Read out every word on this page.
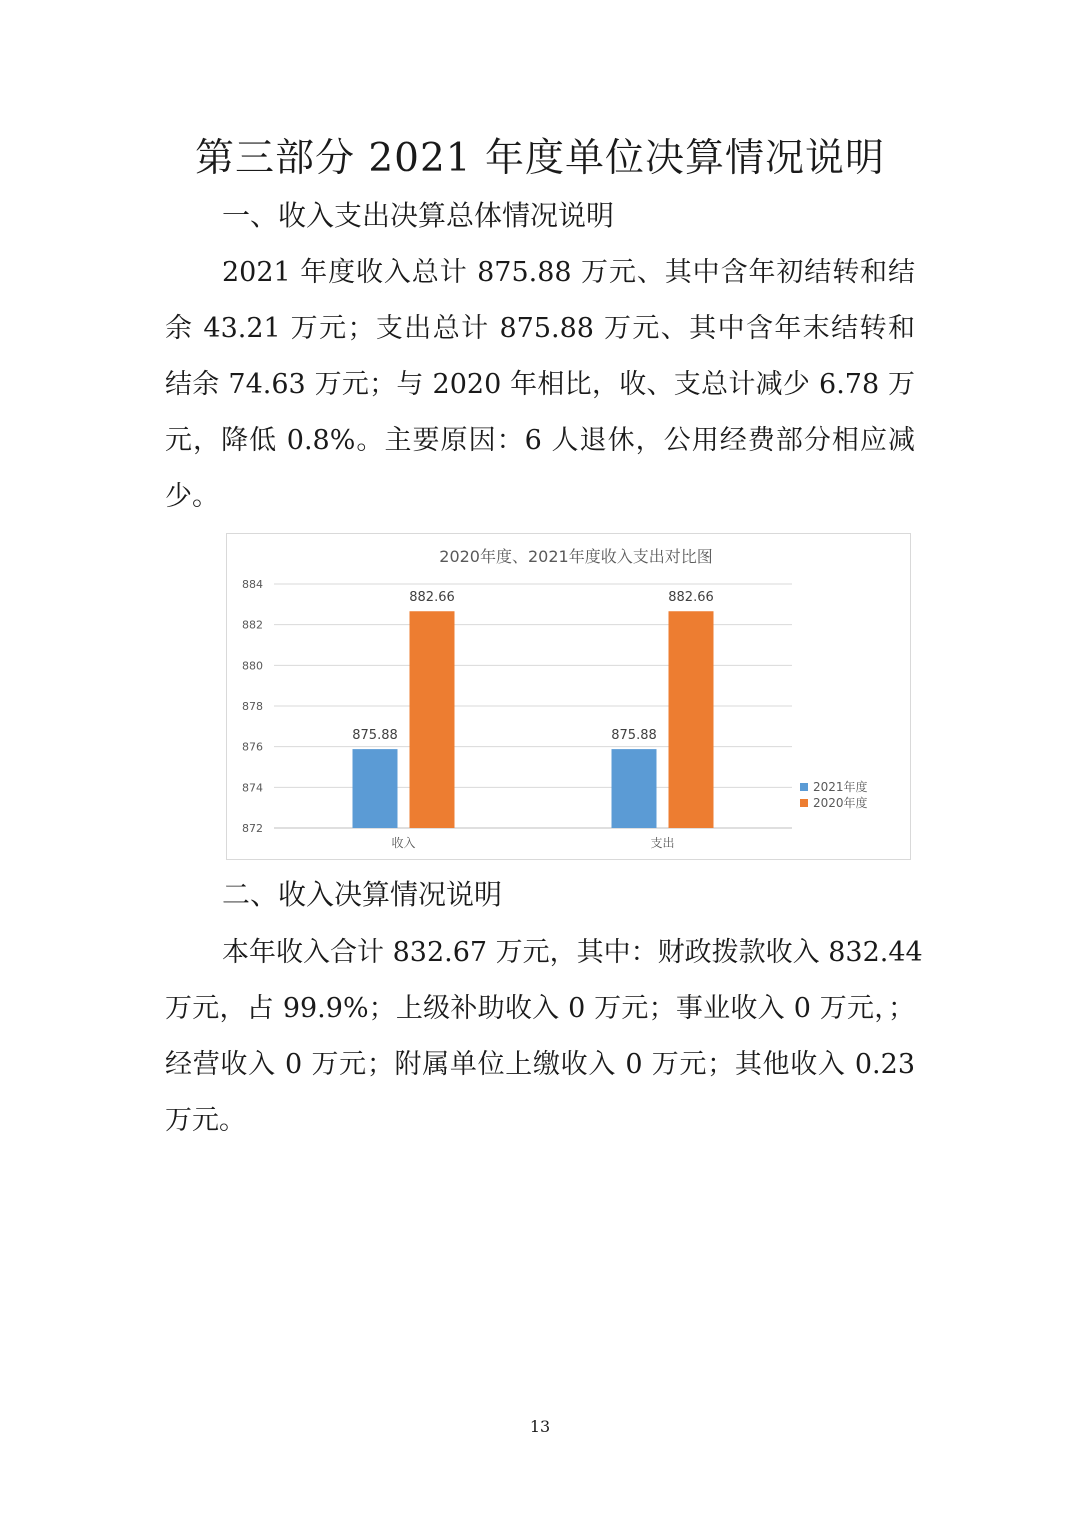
第三部分 2021 年度单位决算情况说明
一、收入支出决算总体情况说明
2021 年度收入总计 875.88 万元、其中含年初结转和结
余 43.21 万元；支出总计 875.88 万元、其中含年末结转和
结余 74.63 万元；与 2020 年相比，收、支总计减少 6.78 万
元，降低 0.8%。主要原因：6 人退休，公用经费部分相应减
少。
2020年度、2021年度收入支出对比图
872
874
876
878
880
882
884
875.88
882.66
收入
875.88
882.66
支出
2021年度
2020年度
二、收入决算情况说明
本年收入合计 832.67 万元，其中：财政拨款收入 832.44
万元，占 99.9%；上级补助收入 0 万元；事业收入 0 万元，；
经营收入 0 万元；附属单位上缴收入 0 万元；其他收入 0.23
万元。
13
